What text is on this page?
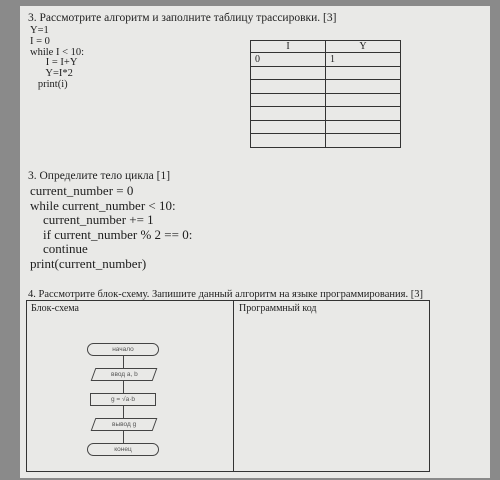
3. Рассмотрите алгоритм и заполните таблицу трассировки. [3]
Y=1
I = 0
while I < 10:
I = I+Y
Y=I*2
print(i)
I	Y
0	1

3. Определите тело цикла [1]
current_number = 0
while current_number < 10:
current_number += 1
if current_number % 2 == 0:
continue
print(current_number)
4. Рассмотрите блок-схему. Запишите данный алгоритм на языке программирования. [3]
Блок-схема	Программный код
начало
ввод a, b
g = √a·b
вывод g
конец
